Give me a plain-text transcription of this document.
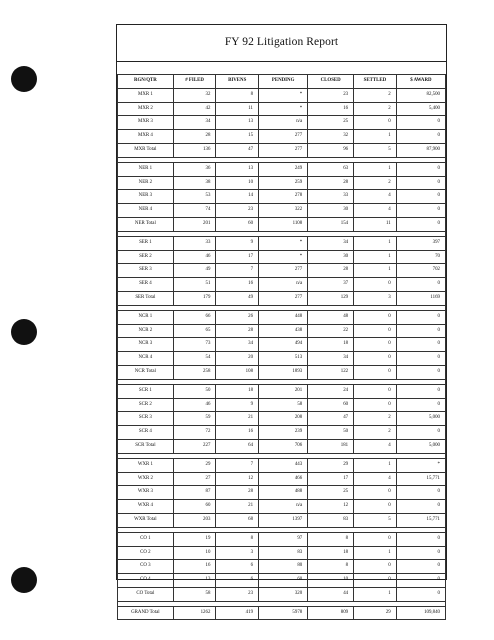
FY 92 Litigation Report
RGN/QTR	# FILED	BIVENS	PENDING	CLOSED	SETTLED	$ AWARD
MXR 1	32	8	*	23	2	82,500
MXR 2	42	11	*	16	2	5,400
MXR 3	34	13	n/a	25	0	0
MXR 4	28	15	277	32	1	0
MXR Total	136	47	277	96	5	87,900

NER 1	36	13	249	63	1	0
NER 2	38	10	259	28	2	0
NER 3	53	14	278	33	4	0
NER 4	74	23	322	30	4	0
NER Total	201	60	1108	154	11	0

SER 1	33	9	*	34	1	397
SER 2	46	17	*	30	1	70
SER 3	49	7	277	28	1	702
SER 4	51	16	n/a	37	0	0
SER Total	179	49	277	129	3	1169

NCR 1	66	26	448	48	0	0
NCR 2	65	28	438	22	0	0
NCR 3	73	34	494	18	0	0
NCR 4	54	20	513	34	0	0
NCR Total	258	108	1893	122	0	0

SCR 1	50	18	201	24	0	0
SCR 2	46	9	58	60	0	0
SCR 3	59	21	208	47	2	5,000
SCR 4	72	16	239	50	2	0
SCR Total	227	64	706	181	4	5,000

WXR 1	29	7	443	29	1	*
WXR 2	27	12	466	17	4	15,771
WXR 3	87	28	488	25	0	0
WXR 4	60	21	n/a	12	0	0
WXR Total	203	68	1397	83	5	15,771

CO 1	19	8	97	8	0	0
CO 2	10	3	83	18	1	0
CO 3	16	6	80	8	0	0
CO 4	13	6	60	10	0	0
CO Total	58	23	320	44	1	0

GRAND Total	1262	419	5978	809	29	109,840
